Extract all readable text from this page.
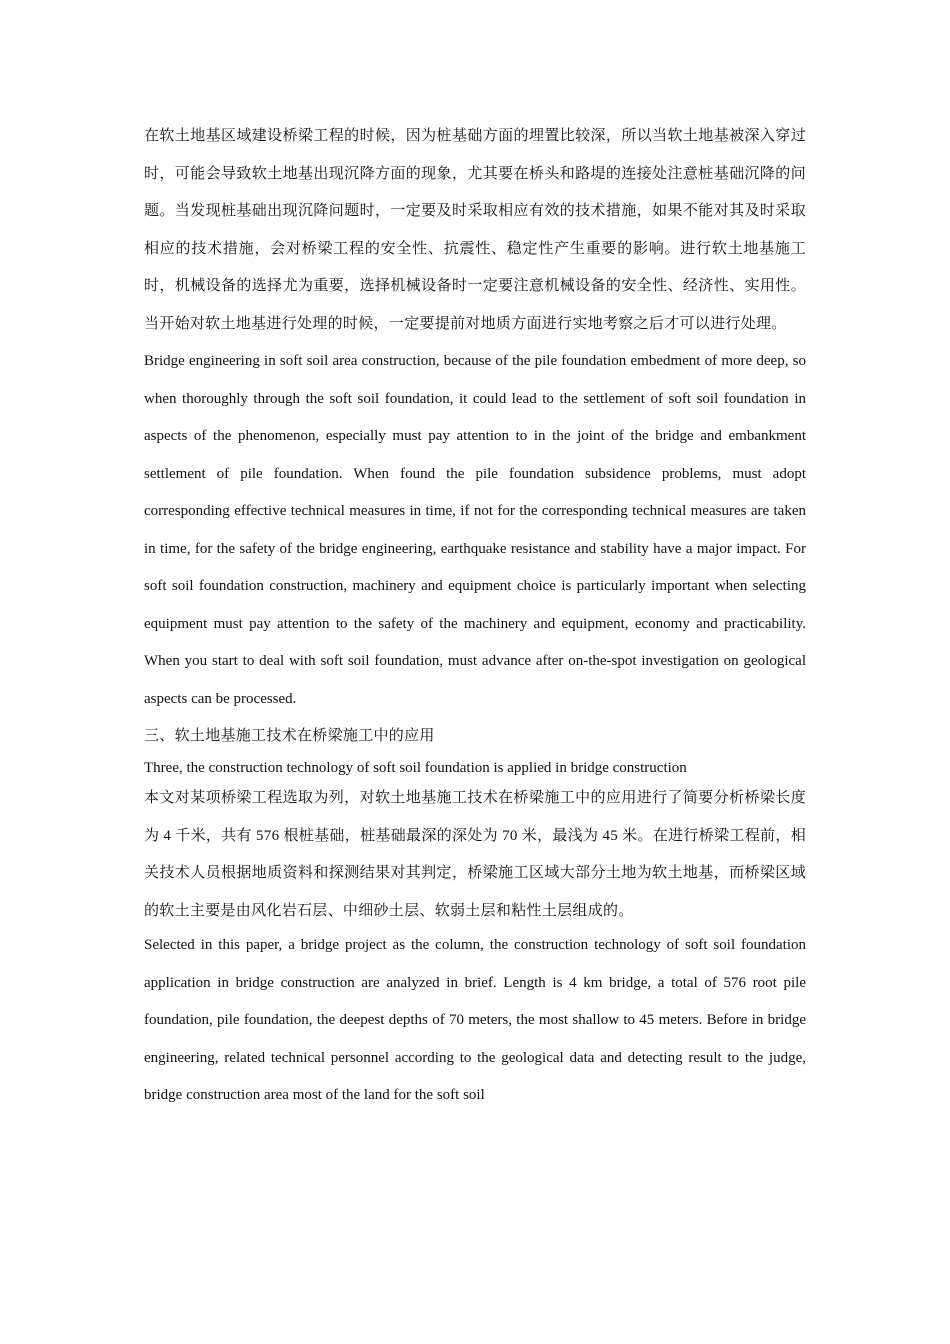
在软土地基区域建设桥梁工程的时候，因为桩基础方面的埋置比较深，所以当软土地基被深入穿过时，可能会导致软土地基出现沉降方面的现象，尤其要在桥头和路堤的连接处注意桩基础沉降的问题。当发现桩基础出现沉降问题时，一定要及时采取相应有效的技术措施，如果不能对其及时采取相应的技术措施，会对桥梁工程的安全性、抗震性、稳定性产生重要的影响。进行软土地基施工时，机械设备的选择尤为重要，选择机械设备时一定要注意机械设备的安全性、经济性、实用性。当开始对软土地基进行处理的时候，一定要提前对地质方面进行实地考察之后才可以进行处理。

Bridge engineering in soft soil area construction, because of the pile foundation embedment of more deep, so when thoroughly through the soft soil foundation, it could lead to the settlement of soft soil foundation in aspects of the phenomenon, especially must pay attention to in the joint of the bridge and embankment settlement of pile foundation. When found the pile foundation subsidence problems, must adopt corresponding effective technical measures in time, if not for the corresponding technical measures are taken in time, for the safety of the bridge engineering, earthquake resistance and stability have a major impact. For soft soil foundation construction, machinery and equipment choice is particularly important when selecting equipment must pay attention to the safety of the machinery and equipment, economy and practicability. When you start to deal with soft soil foundation, must advance after on-the-spot investigation on geological aspects can be processed.

三、软土地基施工技术在桥梁施工中的应用

Three, the construction technology of soft soil foundation is applied in bridge construction

本文对某项桥梁工程选取为列，对软土地基施工技术在桥梁施工中的应用进行了简要分析桥梁长度为 4 千米，共有 576 根桩基础，桩基础最深的深处为 70 米，最浅为 45 米。在进行桥梁工程前，相关技术人员根据地质资料和探测结果对其判定，桥梁施工区域大部分土地为软土地基，而桥梁区域的软土主要是由风化岩石层、中细砂土层、软弱土层和粘性土层组成的。

Selected in this paper, a bridge project as the column, the construction technology of soft soil foundation application in bridge construction are analyzed in brief. Length is 4 km bridge, a total of 576 root pile foundation, pile foundation, the deepest depths of 70 meters, the most shallow to 45 meters. Before in bridge engineering, related technical personnel according to the geological data and detecting result to the judge, bridge construction area most of the land for the soft soil
